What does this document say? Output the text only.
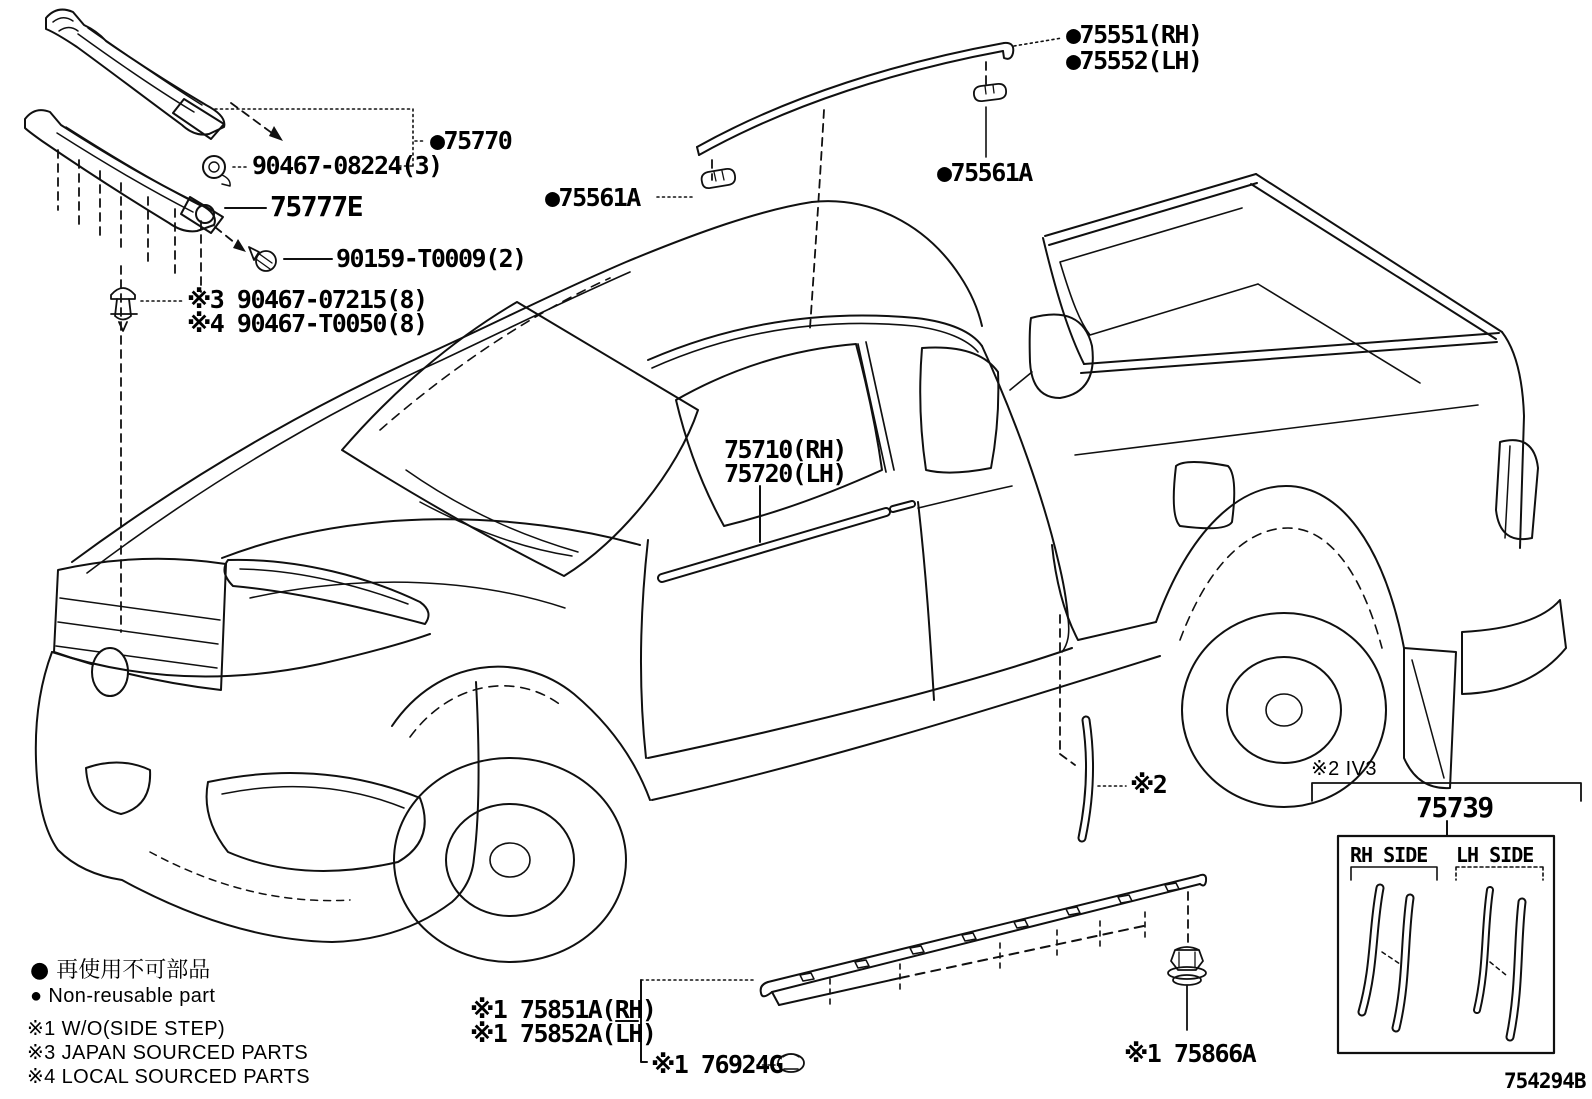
●75551(RH)
●75552(LH)
●75770
90467-08224(3)
75777E
90159-T0009(2)
※3 90467-07215(8)
※4 90467-T0050(8)
●75561A
●75561A
75710(RH)
75720(LH)
※2
※2 IV3
75739
RH SIDE LH SIDE
※1 75851A(RH)
※1 75852A(LH)
※1 76924G	※1 75866A
● 再使用不可部品
● Non-reusable part
※1 W/O(SIDE STEP)
※3 JAPAN SOURCED PARTS
※4 LOCAL SOURCED PARTS	754294B
